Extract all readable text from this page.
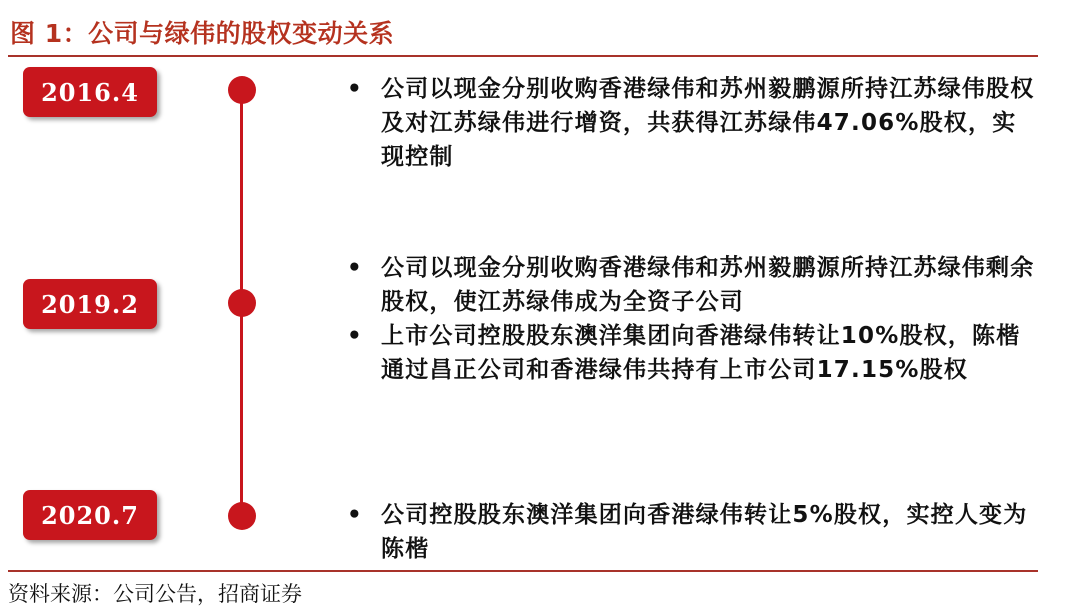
图 1：公司与绿伟的股权变动关系
2016.4	• 公司以现金分别收购香港绿伟和苏州毅鹏源所持江苏绿伟股权及对江苏绿伟进行增资，共获得江苏绿伟47.06%股权，实现控制
2019.2
• 公司以现金分别收购香港绿伟和苏州毅鹏源所持江苏绿伟剩余股权，使江苏绿伟成为全资子公司
• 上市公司控股股东澳洋集团向香港绿伟转让10%股权，陈楷通过昌正公司和香港绿伟共持有上市公司17.15%股权
2020.7	• 公司控股股东澳洋集团向香港绿伟转让5%股权，实控人变为陈楷
资料来源：公司公告，招商证券
